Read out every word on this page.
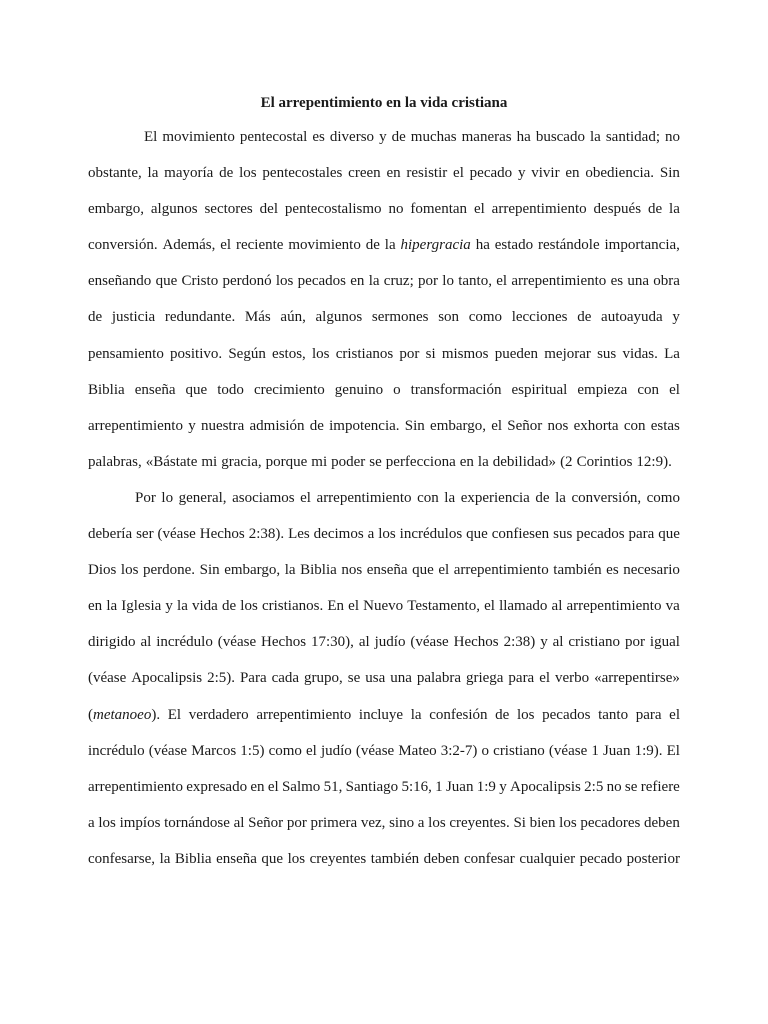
El arrepentimiento en la vida cristiana
El movimiento pentecostal es diverso y de muchas maneras ha buscado la santidad; no
obstante, la mayoría de los pentecostales creen en resistir el pecado y vivir en obediencia. Sin
embargo, algunos sectores del pentecostalismo no fomentan el arrepentimiento después de la
conversión. Además, el reciente movimiento de la hipergracia ha estado restándole importancia,
enseñando que Cristo perdonó los pecados en la cruz; por lo tanto, el arrepentimiento es una obra
de justicia redundante. Más aún, algunos sermones son como lecciones de autoayuda y
pensamiento positivo. Según estos, los cristianos por si mismos pueden mejorar sus vidas. La
Biblia enseña que todo crecimiento genuino o transformación espiritual empieza con el
arrepentimiento y nuestra admisión de impotencia. Sin embargo, el Señor nos exhorta con estas
palabras, «Bástate mi gracia, porque mi poder se perfecciona en la debilidad» (2 Corintios 12:9).
Por lo general, asociamos el arrepentimiento con la experiencia de la conversión, como
debería ser (véase Hechos 2:38). Les decimos a los incrédulos que confiesen sus pecados para que
Dios los perdone. Sin embargo, la Biblia nos enseña que el arrepentimiento también es necesario
en la Iglesia y la vida de los cristianos. En el Nuevo Testamento, el llamado al arrepentimiento va
dirigido al incrédulo (véase Hechos 17:30), al judío (véase Hechos 2:38) y al cristiano por igual
(véase Apocalipsis 2:5). Para cada grupo, se usa una palabra griega para el verbo «arrepentirse»
(metanoeo). El verdadero arrepentimiento incluye la confesión de los pecados tanto para el
incrédulo (véase Marcos 1:5) como el judío (véase Mateo 3:2-7) o cristiano (véase 1 Juan 1:9). El
arrepentimiento expresado en el Salmo 51, Santiago 5:16, 1 Juan 1:9 y Apocalipsis 2:5 no se refiere
a los impíos tornándose al Señor por primera vez, sino a los creyentes. Si bien los pecadores deben
confesarse, la Biblia enseña que los creyentes también deben confesar cualquier pecado posterior
